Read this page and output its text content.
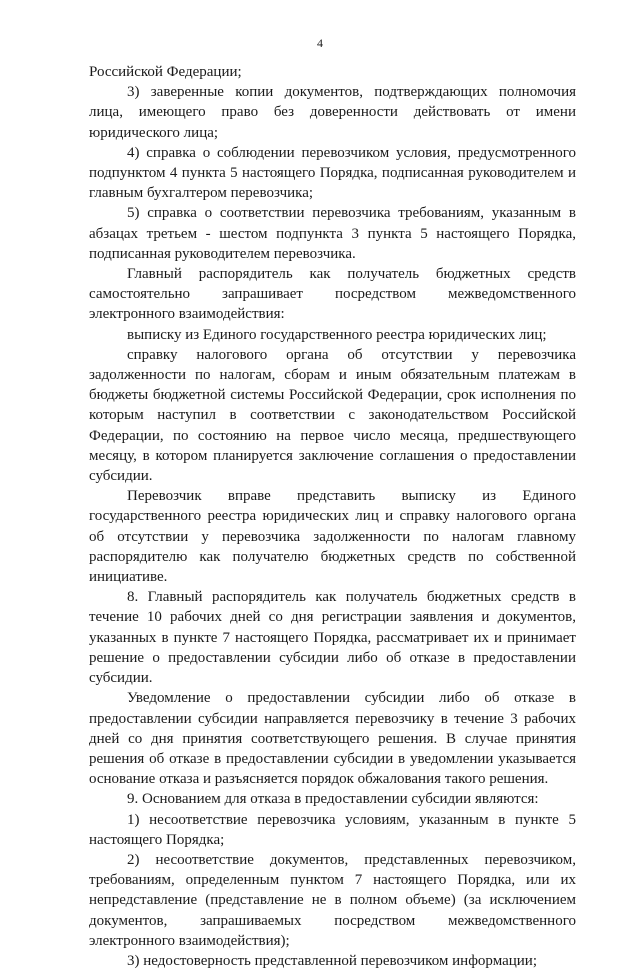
4

Российской Федерации;

3) заверенные копии документов, подтверждающих полномочия лица, имеющего право без доверенности действовать от имени юридического лица;

4) справка о соблюдении перевозчиком условия, предусмотренного подпунктом 4 пункта 5 настоящего Порядка, подписанная руководителем и главным бухгалтером перевозчика;

5) справка о соответствии перевозчика требованиям, указанным в абзацах третьем - шестом подпункта 3 пункта 5 настоящего Порядка, подписанная руководителем перевозчика.

Главный распорядитель как получатель бюджетных средств самостоятельно запрашивает посредством межведомственного электронного взаимодействия:

выписку из Единого государственного реестра юридических лиц;

справку налогового органа об отсутствии у перевозчика задолженности по налогам, сборам и иным обязательным платежам в бюджеты бюджетной системы Российской Федерации, срок исполнения по которым наступил в соответствии с законодательством Российской Федерации, по состоянию на первое число месяца, предшествующего месяцу, в котором планируется заключение соглашения о предоставлении субсидии.

Перевозчик вправе представить выписку из Единого государственного реестра юридических лиц и справку налогового органа об отсутствии у перевозчика задолженности по налогам главному распорядителю как получателю бюджетных средств по собственной инициативе.

8. Главный распорядитель как получатель бюджетных средств в течение 10 рабочих дней со дня регистрации заявления и документов, указанных в пункте 7 настоящего Порядка, рассматривает их и принимает решение о предоставлении субсидии либо об отказе в предоставлении субсидии.

Уведомление о предоставлении субсидии либо об отказе в предоставлении субсидии направляется перевозчику в течение 3 рабочих дней со дня принятия соответствующего решения. В случае принятия решения об отказе в предоставлении субсидии в уведомлении указывается основание отказа и разъясняется порядок обжалования такого решения.

9. Основанием для отказа в предоставлении субсидии являются:

1) несоответствие перевозчика условиям, указанным в пункте 5 настоящего Порядка;

2) несоответствие документов, представленных перевозчиком, требованиям, определенным пунктом 7 настоящего Порядка, или их непредставление (представление не в полном объеме) (за исключением документов, запрашиваемых посредством межведомственного электронного взаимодействия);

3) недостоверность представленной перевозчиком информации;
